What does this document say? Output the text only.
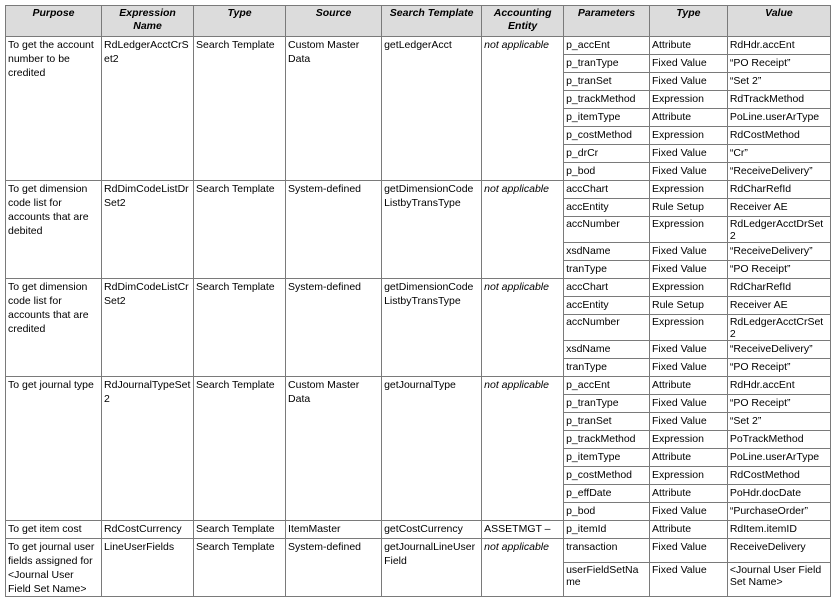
Purpose	Expression Name	Type	Source	Search Template	Accounting Entity	Parameters	Type	Value
To get the account number to be credited	RdLedgerAcctCrSet2	Search Template	Custom Master Data	getLedgerAcct	not applicable	p_accEnt	Attribute	RdHdr.accEnt
						p_tranType	Fixed Value	“PO Receipt”
						p_tranSet	Fixed Value	“Set 2”
						p_trackMethod	Expression	RdTrackMethod
						p_itemType	Attribute	PoLine.userArType
						p_costMethod	Expression	RdCostMethod
						p_drCr	Fixed Value	“Cr”
						p_bod	Fixed Value	“ReceiveDelivery”
To get dimension code list for accounts that are debited	RdDimCodeListDrSet2	Search Template	System-defined	getDimensionCodeListbyTransType	not applicable	accChart	Expression	RdCharRefId
						accEntity	Rule Setup	Receiver AE
						accNumber	Expression	RdLedgerAcctDrSet2
						xsdName	Fixed Value	“ReceiveDelivery”
						tranType	Fixed Value	“PO Receipt”
To get dimension code list for accounts that are credited	RdDimCodeListCrSet2	Search Template	System-defined	getDimensionCodeListbyTransType	not applicable	accChart	Expression	RdCharRefId
						accEntity	Rule Setup	Receiver AE
						accNumber	Expression	RdLedgerAcctCrSet2
						xsdName	Fixed Value	“ReceiveDelivery”
						tranType	Fixed Value	“PO Receipt”
To get journal type	RdJournalTypeSet2	Search Template	Custom Master Data	getJournalType	not applicable	p_accEnt	Attribute	RdHdr.accEnt
						p_tranType	Fixed Value	“PO Receipt”
						p_tranSet	Fixed Value	“Set 2”
						p_trackMethod	Expression	PoTrackMethod
						p_itemType	Attribute	PoLine.userArType
						p_costMethod	Expression	RdCostMethod
						p_effDate	Attribute	PoHdr.docDate
						p_bod	Fixed Value	“PurchaseOrder”
To get item cost	RdCostCurrency	Search Template	ItemMaster	getCostCurrency	ASSETMGT –	p_itemId	Attribute	RdItem.itemID
To get journal user fields assigned for <Journal User Field Set Name>	LineUserFields	Search Template	System-defined	getJournalLineUserField	not applicable	transaction	Fixed Value	ReceiveDelivery
						userFieldSetName	Fixed Value	<Journal User Field Set Name>
